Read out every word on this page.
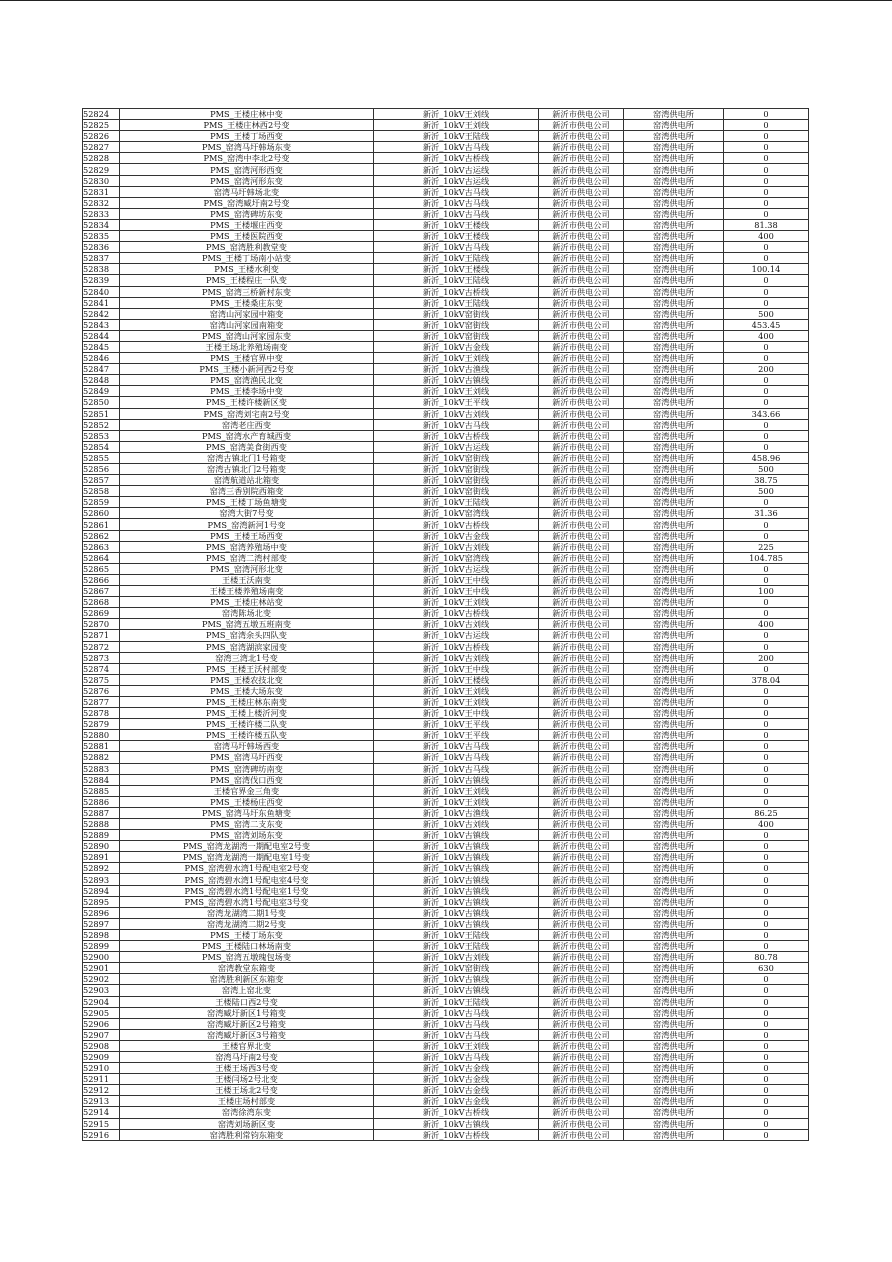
52824	PMS_王楼庄林中变	新沂_10kV王刘线	新沂市供电公司	窑湾供电所	0
52825	PMS_王楼庄林西2号变	新沂_10kV王刘线	新沂市供电公司	窑湾供电所	0
52826	PMS_王楼丁场西变	新沂_10kV王陆线	新沂市供电公司	窑湾供电所	0
52827	PMS_窑湾马圩韩场东变	新沂_10kV古马线	新沂市供电公司	窑湾供电所	0
52828	PMS_窑湾中李北2号变	新沂_10kV古桥线	新沂市供电公司	窑湾供电所	0
52829	PMS_窑湾河形西变	新沂_10kV古运线	新沂市供电公司	窑湾供电所	0
52830	PMS_窑湾河形东变	新沂_10kV古运线	新沂市供电公司	窑湾供电所	0
52831	窑湾马圩韩场北变	新沂_10kV古马线	新沂市供电公司	窑湾供电所	0
52832	PMS_窑湾臧圩南2号变	新沂_10kV古马线	新沂市供电公司	窑湾供电所	0
52833	PMS_窑湾碑坊东变	新沂_10kV古马线	新沂市供电公司	窑湾供电所	0
52834	PMS_王楼堰庄西变	新沂_10kV王楼线	新沂市供电公司	窑湾供电所	81.38
52835	PMS_王楼医院西变	新沂_10kV王楼线	新沂市供电公司	窑湾供电所	400
52836	PMS_窑湾胜利教堂变	新沂_10kV古马线	新沂市供电公司	窑湾供电所	0
52837	PMS_王楼丁场南小站变	新沂_10kV王陆线	新沂市供电公司	窑湾供电所	0
52838	PMS_王楼水利变	新沂_10kV王楼线	新沂市供电公司	窑湾供电所	100.14
52839	PMS_王楼程庄一队变	新沂_10kV王陆线	新沂市供电公司	窑湾供电所	0
52840	PMS_窑湾三桥新村东变	新沂_10kV古桥线	新沂市供电公司	窑湾供电所	0
52841	PMS_王楼桑庄东变	新沂_10kV王陆线	新沂市供电公司	窑湾供电所	0
52842	窑湾山河家园中箱变	新沂_10kV窑街线	新沂市供电公司	窑湾供电所	500
52843	窑湾山河家园南箱变	新沂_10kV窑街线	新沂市供电公司	窑湾供电所	453.45
52844	PMS_窑湾山河家园东变	新沂_10kV窑街线	新沂市供电公司	窑湾供电所	400
52845	王楼王场北养殖场南变	新沂_10kV古金线	新沂市供电公司	窑湾供电所	0
52846	PMS_王楼官界中变	新沂_10kV王刘线	新沂市供电公司	窑湾供电所	0
52847	PMS_王楼小新河西2号变	新沂_10kV古渔线	新沂市供电公司	窑湾供电所	200
52848	PMS_窑湾渔民北变	新沂_10kV古镇线	新沂市供电公司	窑湾供电所	0
52849	PMS_王楼李场中变	新沂_10kV王刘线	新沂市供电公司	窑湾供电所	0
52850	PMS_王楼许楼新区变	新沂_10kV王平线	新沂市供电公司	窑湾供电所	0
52851	PMS_窑湾刘宅南2号变	新沂_10kV古刘线	新沂市供电公司	窑湾供电所	343.66
52852	窑湾老庄西变	新沂_10kV古马线	新沂市供电公司	窑湾供电所	0
52853	PMS_窑湾水产育城西变	新沂_10kV古桥线	新沂市供电公司	窑湾供电所	0
52854	PMS_窑湾美食街西变	新沂_10kV古运线	新沂市供电公司	窑湾供电所	0
52855	窑湾古镇北门1号箱变	新沂_10kV窑街线	新沂市供电公司	窑湾供电所	458.96
52856	窑湾古镇北门2号箱变	新沂_10kV窑街线	新沂市供电公司	窑湾供电所	500
52857	窑湾航道站北箱变	新沂_10kV窑街线	新沂市供电公司	窑湾供电所	38.75
52858	窑湾三香别院西箱变	新沂_10kV窑街线	新沂市供电公司	窑湾供电所	500
52859	PMS_王楼丁场鱼塘变	新沂_10kV王陆线	新沂市供电公司	窑湾供电所	0
52860	窑湾大街7号变	新沂_10kV窑湾线	新沂市供电公司	窑湾供电所	31.36
52861	PMS_窑湾新河1号变	新沂_10kV古桥线	新沂市供电公司	窑湾供电所	0
52862	PMS_王楼王场西变	新沂_10kV古金线	新沂市供电公司	窑湾供电所	0
52863	PMS_窑湾养殖场中变	新沂_10kV古刘线	新沂市供电公司	窑湾供电所	225
52864	PMS_窑湾二湾村部变	新沂_10kV窑湾线	新沂市供电公司	窑湾供电所	104.785
52865	PMS_窑湾河形北变	新沂_10kV古运线	新沂市供电公司	窑湾供电所	0
52866	王楼王沃南变	新沂_10kV王中线	新沂市供电公司	窑湾供电所	0
52867	王楼王楼养殖场南变	新沂_10kV王中线	新沂市供电公司	窑湾供电所	100
52868	PMS_王楼庄林站变	新沂_10kV王刘线	新沂市供电公司	窑湾供电所	0
52869	窑湾陈场北变	新沂_10kV古桥线	新沂市供电公司	窑湾供电所	0
52870	PMS_窑湾五墩五班南变	新沂_10kV古刘线	新沂市供电公司	窑湾供电所	400
52871	PMS_窑湾余头四队变	新沂_10kV古运线	新沂市供电公司	窑湾供电所	0
52872	PMS_窑湾湖滨家园变	新沂_10kV古桥线	新沂市供电公司	窑湾供电所	0
52873	窑湾三湾北1号变	新沂_10kV古刘线	新沂市供电公司	窑湾供电所	200
52874	PMS_王楼王沃村部变	新沂_10kV王中线	新沂市供电公司	窑湾供电所	0
52875	PMS_王楼农技北变	新沂_10kV王楼线	新沂市供电公司	窑湾供电所	378.04
52876	PMS_王楼大场东变	新沂_10kV王刘线	新沂市供电公司	窑湾供电所	0
52877	PMS_王楼庄林东南变	新沂_10kV王刘线	新沂市供电公司	窑湾供电所	0
52878	PMS_王楼上楼沂河变	新沂_10kV王中线	新沂市供电公司	窑湾供电所	0
52879	PMS_王楼许楼二队变	新沂_10kV王平线	新沂市供电公司	窑湾供电所	0
52880	PMS_王楼许楼五队变	新沂_10kV王平线	新沂市供电公司	窑湾供电所	0
52881	窑湾马圩韩场西变	新沂_10kV古马线	新沂市供电公司	窑湾供电所	0
52882	PMS_窑湾马圩西变	新沂_10kV古马线	新沂市供电公司	窑湾供电所	0
52883	PMS_窑湾碑坊南变	新沂_10kV古马线	新沂市供电公司	窑湾供电所	0
52884	PMS_窑湾伐口西变	新沂_10kV古镇线	新沂市供电公司	窑湾供电所	0
52885	王楼官界金三角变	新沂_10kV王刘线	新沂市供电公司	窑湾供电所	0
52886	PMS_王楼杨庄西变	新沂_10kV王刘线	新沂市供电公司	窑湾供电所	0
52887	PMS_窑湾马圩东鱼塘变	新沂_10kV古渔线	新沂市供电公司	窑湾供电所	86.25
52888	PMS_窑湾二支东变	新沂_10kV古刘线	新沂市供电公司	窑湾供电所	400
52889	PMS_窑湾刘场东变	新沂_10kV古镇线	新沂市供电公司	窑湾供电所	0
52890	PMS_窑湾龙湖湾一期配电室2号变	新沂_10kV古镇线	新沂市供电公司	窑湾供电所	0
52891	PMS_窑湾龙湖湾一期配电室1号变	新沂_10kV古镇线	新沂市供电公司	窑湾供电所	0
52892	PMS_窑湾碧水湾1号配电室2号变	新沂_10kV古镇线	新沂市供电公司	窑湾供电所	0
52893	PMS_窑湾碧水湾1号配电室4号变	新沂_10kV古镇线	新沂市供电公司	窑湾供电所	0
52894	PMS_窑湾碧水湾1号配电室1号变	新沂_10kV古镇线	新沂市供电公司	窑湾供电所	0
52895	PMS_窑湾碧水湾1号配电室3号变	新沂_10kV古镇线	新沂市供电公司	窑湾供电所	0
52896	窑湾龙湖湾二期1号变	新沂_10kV古镇线	新沂市供电公司	窑湾供电所	0
52897	窑湾龙湖湾二期2号变	新沂_10kV古镇线	新沂市供电公司	窑湾供电所	0
52898	PMS_王楼丁场东变	新沂_10kV王陆线	新沂市供电公司	窑湾供电所	0
52899	PMS_王楼陆口林场南变	新沂_10kV王陆线	新沂市供电公司	窑湾供电所	0
52900	PMS_窑湾五墩瑰包场变	新沂_10kV古刘线	新沂市供电公司	窑湾供电所	80.78
52901	窑湾教堂东箱变	新沂_10kV窑街线	新沂市供电公司	窑湾供电所	630
52902	窑湾胜利新区东箱变	新沂_10kV古镇线	新沂市供电公司	窑湾供电所	0
52903	窑湾上窑北变	新沂_10kV古镇线	新沂市供电公司	窑湾供电所	0
52904	王楼陆口西2号变	新沂_10kV王陆线	新沂市供电公司	窑湾供电所	0
52905	窑湾臧圩新区1号箱变	新沂_10kV古马线	新沂市供电公司	窑湾供电所	0
52906	窑湾臧圩新区2号箱变	新沂_10kV古马线	新沂市供电公司	窑湾供电所	0
52907	窑湾臧圩新区3号箱变	新沂_10kV古马线	新沂市供电公司	窑湾供电所	0
52908	王楼官界北变	新沂_10kV王刘线	新沂市供电公司	窑湾供电所	0
52909	窑湾马圩南2号变	新沂_10kV古马线	新沂市供电公司	窑湾供电所	0
52910	王楼王场西3号变	新沂_10kV古金线	新沂市供电公司	窑湾供电所	0
52911	王楼闫场2号北变	新沂_10kV古金线	新沂市供电公司	窑湾供电所	0
52912	王楼王场北2号变	新沂_10kV古金线	新沂市供电公司	窑湾供电所	0
52913	王楼庄场村部变	新沂_10kV古金线	新沂市供电公司	窑湾供电所	0
52914	窑湾徐湾东变	新沂_10kV古桥线	新沂市供电公司	窑湾供电所	0
52915	窑湾刘场新区变	新沂_10kV古镇线	新沂市供电公司	窑湾供电所	0
52916	窑湾胜利常钧东箱变	新沂_10kV古桥线	新沂市供电公司	窑湾供电所	0
